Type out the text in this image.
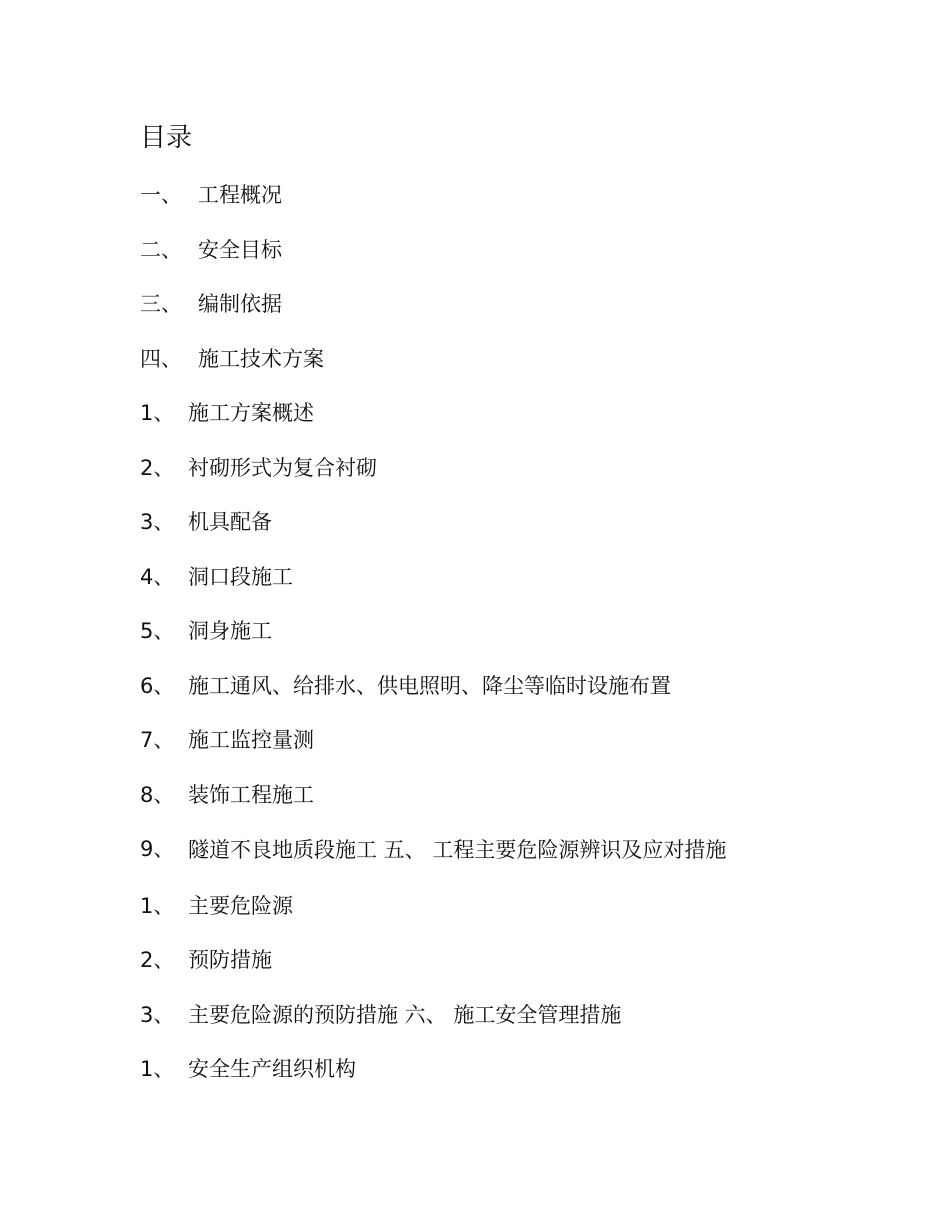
目录
一、 工程概况
二、 安全目标
三、 编制依据
四、 施工技术方案
1、 施工方案概述
2、 衬砌形式为复合衬砌
3、 机具配备
4、 洞口段施工
5、 洞身施工
6、 施工通风、给排水、供电照明、降尘等临时设施布置
7、 施工监控量测
8、 装饰工程施工
9、 隧道不良地质段施工 五、 工程主要危险源辨识及应对措施
1、 主要危险源
2、 预防措施
3、 主要危险源的预防措施 六、 施工安全管理措施
1、 安全生产组织机构
